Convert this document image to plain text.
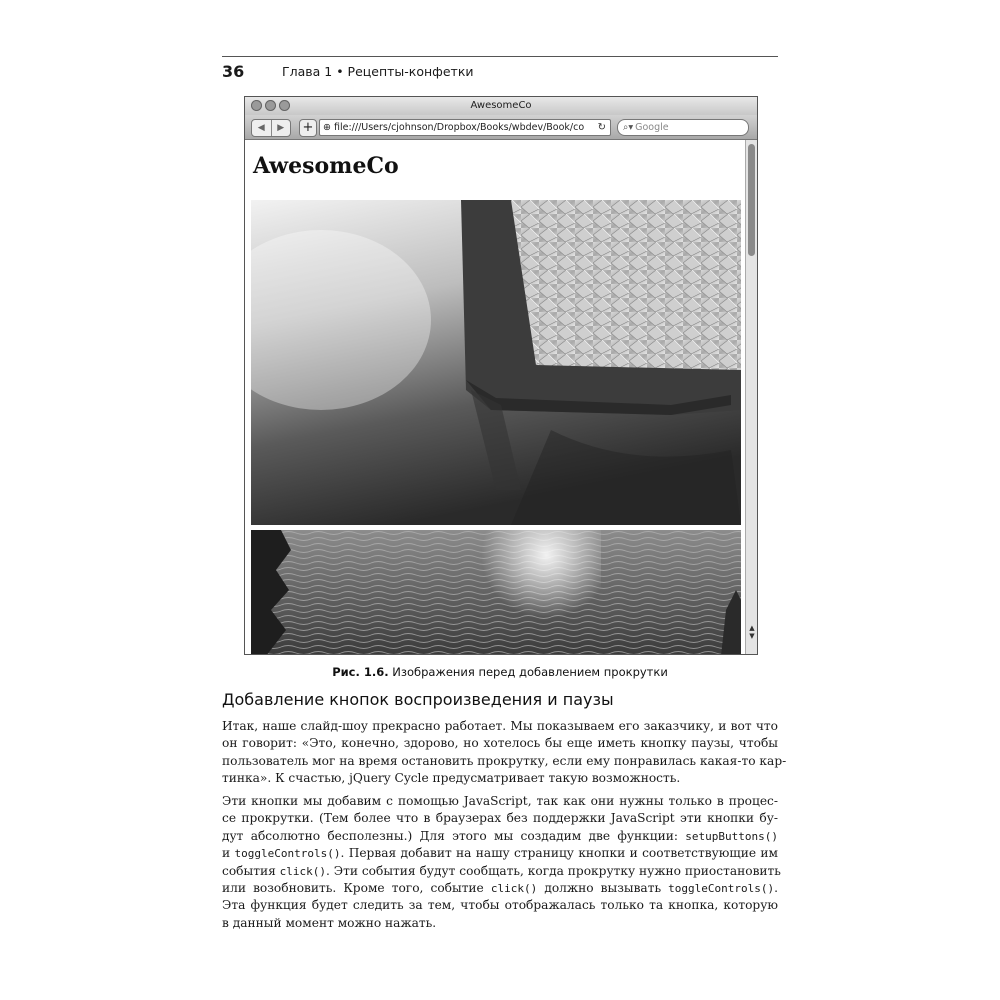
36	Глава 1 • Рецепты-конфетки
AwesomeCo
◀	▶	+	⊕ file:///Users/cjohnson/Dropbox/Books/wbdev/Book/co ↻	⌕▾ Google
AwesomeCo
▲
▼
Рис. 1.6. Изображения перед добавлением прокрутки
Добавление кнопок воспроизведения и паузы
Итак, наше слайд-шоу прекрасно работает. Мы показываем его заказчику, и вот что
он говорит: «Это, конечно, здорово, но хотелось бы еще иметь кнопку паузы, чтобы
пользователь мог на время остановить прокрутку, если ему понравилась какая-то кар-
тинка». К счастью, jQuery Cycle предусматривает такую возможность.
Эти кнопки мы добавим с помощью JavaScript, так как они нужны только в процес-
се прокрутки. (Тем более что в браузерах без поддержки JavaScript эти кнопки бу-
дут абсолютно бесполезны.) Для этого мы создадим две функции: setupButtons()
и toggleControls(). Первая добавит на нашу страницу кнопки и соответствующие им
события click(). Эти события будут сообщать, когда прокрутку нужно приостановить
или возобновить. Кроме того, событие click() должно вызывать toggleControls().
Эта функция будет следить за тем, чтобы отображалась только та кнопка, которую
в данный момент можно нажать.
